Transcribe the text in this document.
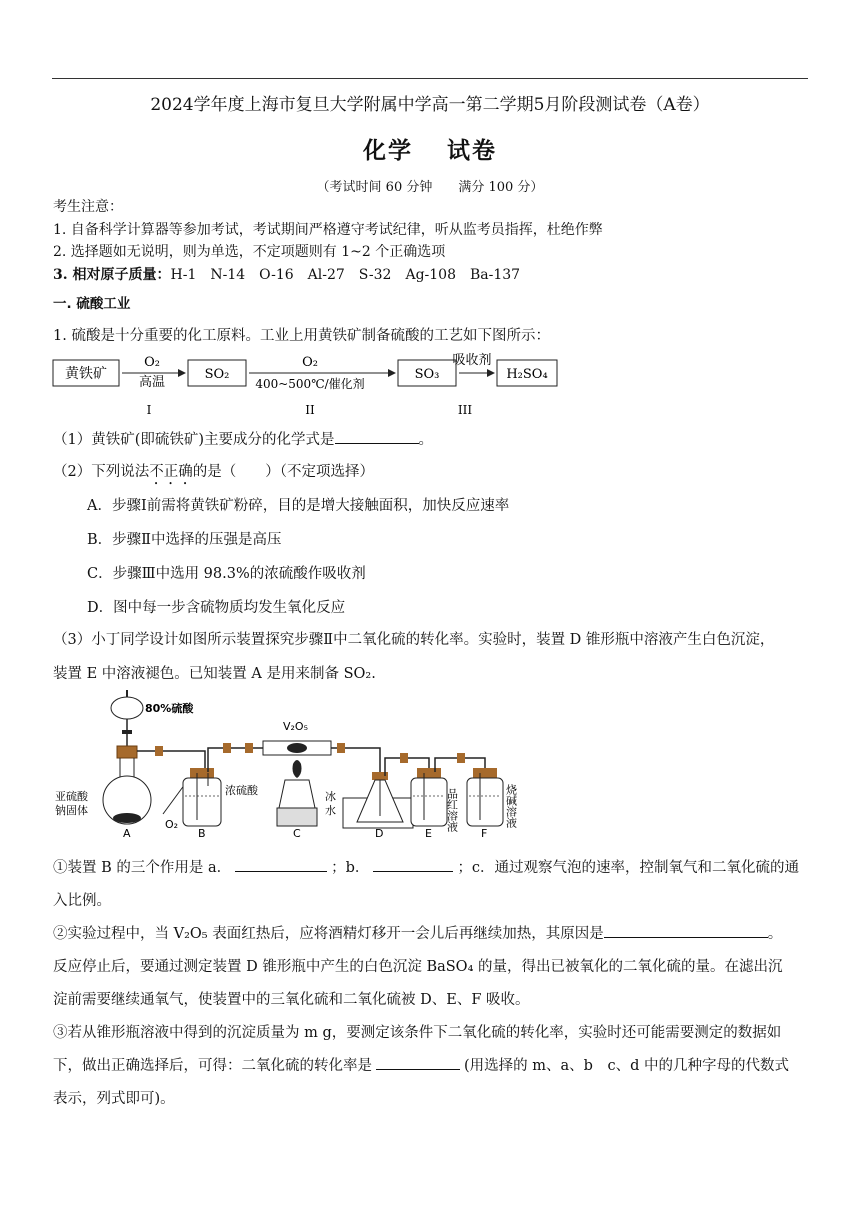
2024学年度上海市复旦大学附属中学高一第二学期5月阶段测试卷（A卷）
化学 试卷
（考试时间 60 分钟　　满分 100 分）
考生注意：
1. 自备科学计算器等参加考试，考试期间严格遵守考试纪律，听从监考员指挥，杜绝作弊
2. 选择题如无说明，则为单选，不定项题则有 1~2 个正确选项
3. 相对原子质量：H-1　N-14　O-16　Al-27　S-32　Ag-108　Ba-137
一. 硫酸工业
1. 硫酸是十分重要的化工原料。工业上用黄铁矿制备硫酸的工艺如下图所示：
黄铁矿
O₂
高温
SO₂
O₂
400~500℃/催化剂
SO₃
吸收剂
H₂SO₄
I	II	III
（1）黄铁矿(即硫铁矿)主要成分的化学式是	。
（2）下列说法不正确的是（　　）（不定项选择）
A．步骤Ⅰ前需将黄铁矿粉碎，目的是增大接触面积，加快反应速率
B．步骤Ⅱ中选择的压强是高压
C．步骤Ⅲ中选用 98.3%的浓硫酸作吸收剂
D．图中每一步含硫物质均发生氧化反应
（3）小丁同学设计如图所示装置探究步骤Ⅱ中二氧化硫的转化率。实验时，装置 D 锥形瓶中溶液产生白色沉淀，
装置 E 中溶液褪色。已知装置 A 是用来制备 SO₂.
80%硫酸
亚硫酸
钠固体
O₂
浓硫酸
V₂O₅
冰
水	品红溶液	烧碱溶液
A	B	C	D	E	F
①装置 B 的三个作用是 a．	；b．	；c．通过观察气泡的速率，控制氧气和二氧化硫的通
入比例。
②实验过程中，当 V₂O₅ 表面红热后，应将酒精灯移开一会儿后再继续加热，其原因是	。
反应停止后，要通过测定装置 D 锥形瓶中产生的白色沉淀 BaSO₄ 的量，得出已被氧化的二氧化硫的量。在滤出沉
淀前需要继续通氧气，使装置中的三氧化硫和二氧化硫被 D、E、F 吸收。
③若从锥形瓶溶液中得到的沉淀质量为 m g，要测定该条件下二氧化硫的转化率，实验时还可能需要测定的数据如
下，做出正确选择后，可得：二氧化硫的转化率是	(用选择的 m、a、b　c、d 中的几种字母的代数式
表示，列式即可)。
